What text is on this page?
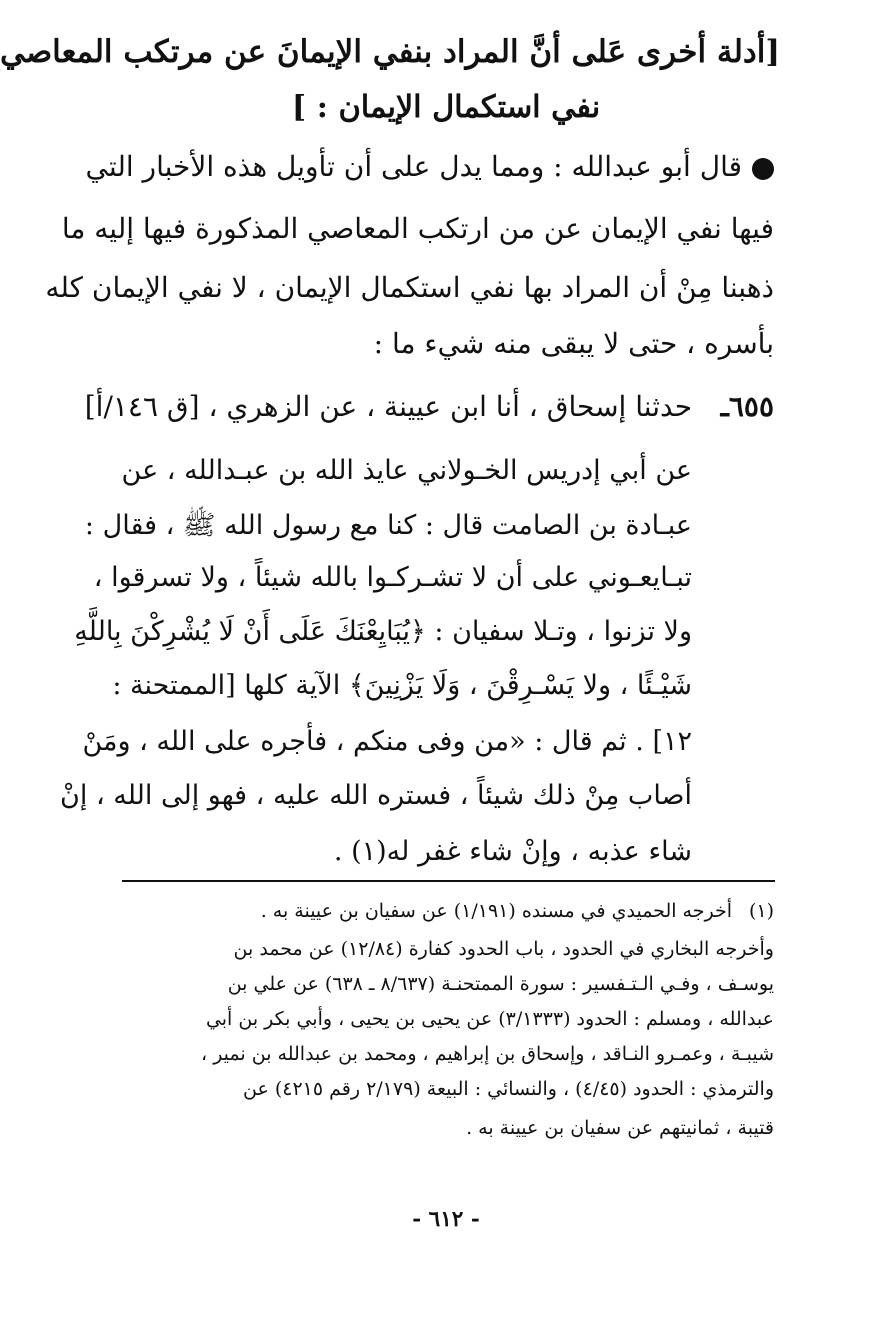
[أدلة أخرى عَلى أنَّ المراد بنفي الإيمانَ عن مرتكب المعاصي
نفي استكمال الإيمان : ]
قال أبو عبدالله : ومما يدل على أن تأويل هذه الأخبار التي
فيها نفي الإيمان عن من ارتكب المعاصي المذكورة فيها إليه ما
ذهبنا مِنْ أن المراد بها نفي استكمال الإيمان ، لا نفي الإيمان كله
بأسره ، حتى لا يبقى منه شيء ما :
٦٥٥ـ
حدثنا إسحاق ، أنا ابن عيينة ، عن الزهري ، [ق ١٤٦/أ]
عن أبي إدريس الخـولاني عايذ الله بن عبـدالله ، عن
عبـادة بن الصامت قال : كنا مع رسول الله ﷺ ، فقال :
تبـايعـوني على أن لا تشـركـوا بالله شيئاً ، ولا تسرقوا ،
ولا تزنوا ، وتـلا سفيان : ﴿يُبَايِعْنَكَ عَلَى أَنْ لَا يُشْرِكْنَ بِاللَّهِ
شَيْـئًا ، ولا يَسْـرِقْنَ ، وَلَا يَزْنِينَ﴾ الآية كلها [الممتحنة :
١٢] . ثم قال : «من وفى منكم ، فأجره على الله ، ومَنْ
أصاب مِنْ ذلك شيئاً ، فستره الله عليه ، فهو إلى الله ، إنْ
شاء عذبه ، وإنْ شاء غفر له(١) .
(١)
أخرجه الحميدي في مسنده (١/١٩١) عن سفيان بن عيينة به .
وأخرجه البخاري في الحدود ، باب الحدود كفارة (١٢/٨٤) عن محمد بن
يوسـف ، وفـي الـتـفسير : سورة الممتحنـة (٨/٦٣٧ ـ ٦٣٨) عن علي بن
عبدالله ، ومسلم : الحدود (٣/١٣٣٣) عن يحيى بن يحيى ، وأبي بكر بن أبي
شيبـة ، وعمـرو النـاقد ، وإسحاق بن إبراهيم ، ومحمد بن عبدالله بن نمير ،
والترمذي : الحدود (٤/٤٥) ، والنسائي : البيعة (٢/١٧٩ رقم ٤٢١٥) عن
قتيبة ، ثمانيتهم عن سفيان بن عيينة به .
- ٦١٢ -
